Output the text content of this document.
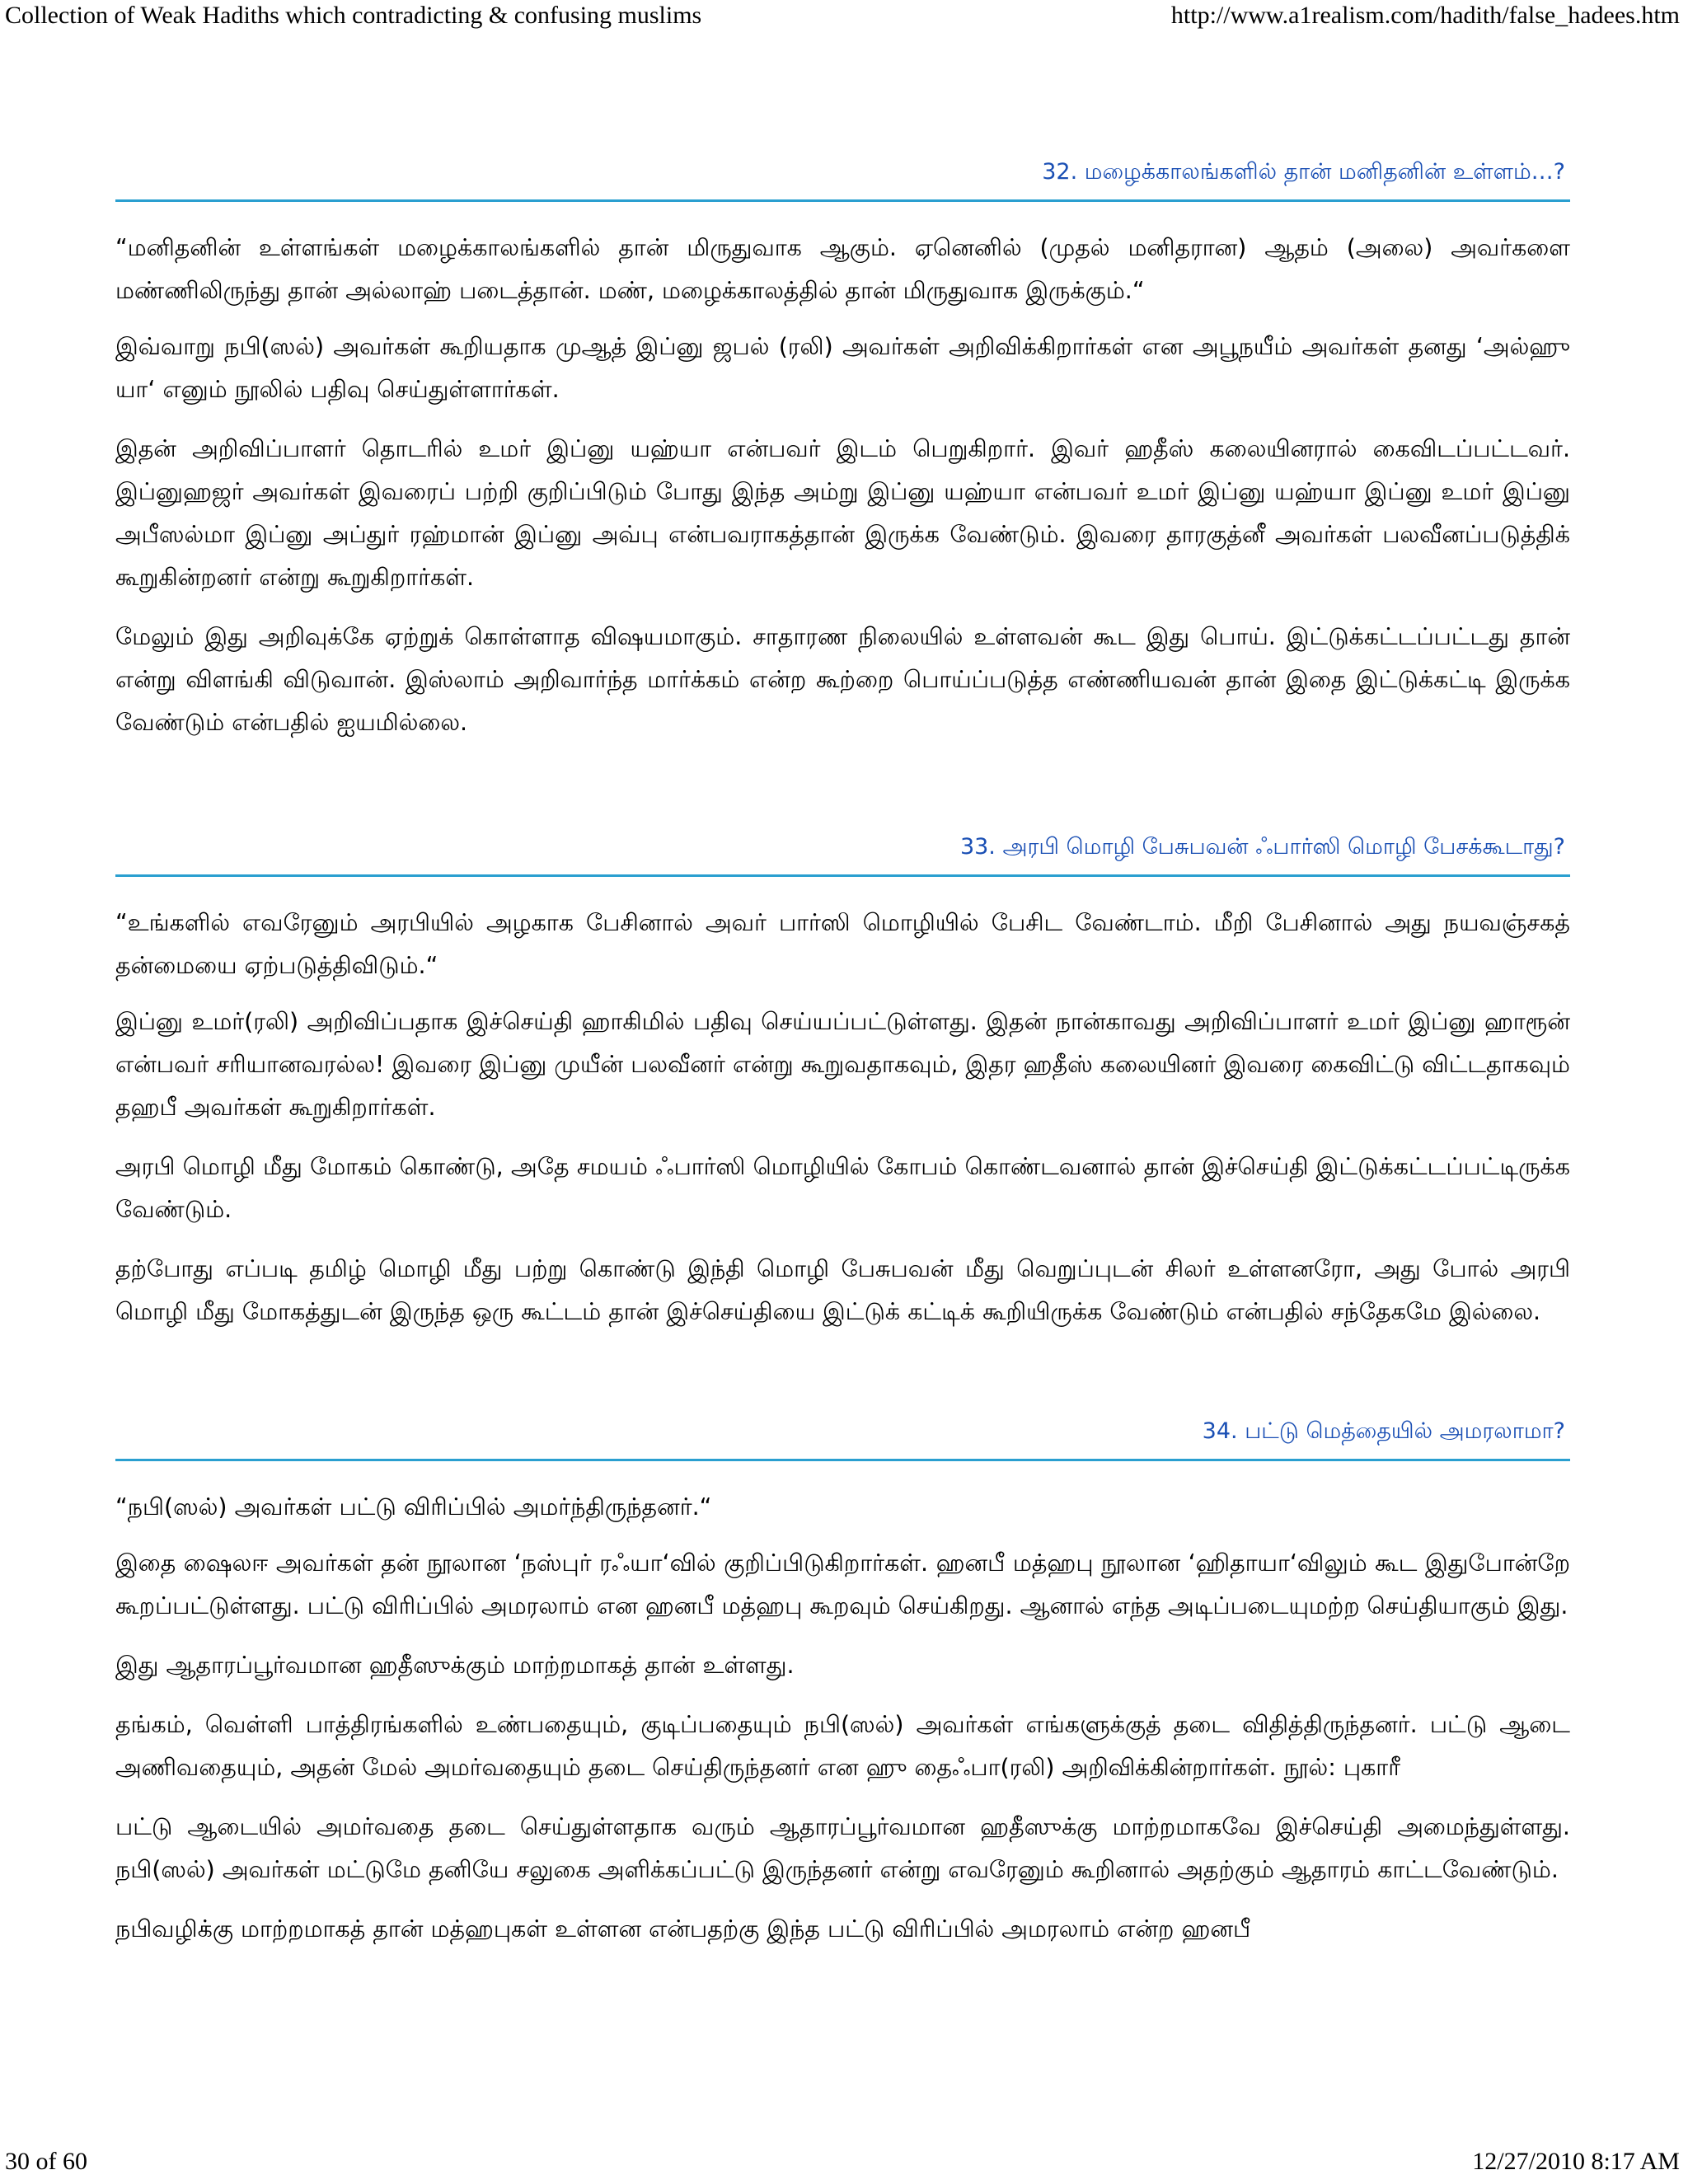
Collection of Weak Hadiths which contradicting & confusing muslims	http://www.a1realism.com/hadith/false_hadees.htm
32. மழைக்காலங்களில் தான் மனிதனின் உள்ளம்…?

“மனிதனின் உள்ளங்கள் மழைக்காலங்களில் தான் மிருதுவாக ஆகும். ஏனெனில் (முதல் மனிதரான) ஆதம் (அலை) அவர்களை மண்ணிலிருந்து தான் அல்லாஹ் படைத்தான். மண், மழைக்காலத்தில் தான் மிருதுவாக இருக்கும்.“

இவ்வாறு நபி(ஸல்) அவர்கள் கூறியதாக முஆத் இப்னு ஜபல் (ரலி) அவர்கள் அறிவிக்கிறார்கள் என அபூநயீம் அவர்கள் தனது ‘அல்ஹு யா‘ எனும் நூலில் பதிவு செய்துள்ளார்கள்.

இதன் அறிவிப்பாளர் தொடரில் உமர் இப்னு யஹ்யா என்பவர் இடம் பெறுகிறார். இவர் ஹதீஸ் கலையினரால் கைவிடப்பட்டவர். இப்னுஹஜர் அவர்கள் இவரைப் பற்றி குறிப்பிடும் போது இந்த அம்று இப்னு யஹ்யா என்பவர் உமர் இப்னு யஹ்யா இப்னு உமர் இப்னு அபீஸல்மா இப்னு அப்துர் ரஹ்மான் இப்னு அவ்பு என்பவராகத்தான் இருக்க வேண்டும். இவரை தாரகுத்னீ அவர்கள் பலவீனப்படுத்திக் கூறுகின்றனர் என்று கூறுகிறார்கள்.

மேலும் இது அறிவுக்கே ஏற்றுக் கொள்ளாத விஷயமாகும். சாதாரண நிலையில் உள்ளவன் கூட இது பொய். இட்டுக்கட்டப்பட்டது தான் என்று விளங்கி விடுவான். இஸ்லாம் அறிவார்ந்த மார்க்கம் என்ற கூற்றை பொய்ப்படுத்த எண்ணியவன் தான் இதை இட்டுக்கட்டி இருக்க வேண்டும் என்பதில் ஐயமில்லை.

33. அரபி மொழி பேசுபவன் ஃபார்ஸி மொழி பேசக்கூடாது?

“உங்களில் எவரேனும் அரபியில் அழகாக பேசினால் அவர் பார்ஸி மொழியில் பேசிட வேண்டாம். மீறி பேசினால் அது நயவஞ்சகத் தன்மையை ஏற்படுத்திவிடும்.“

இப்னு உமர்(ரலி) அறிவிப்பதாக இச்செய்தி ஹாகிமில் பதிவு செய்யப்பட்டுள்ளது. இதன் நான்காவது அறிவிப்பாளர் உமர் இப்னு ஹாரூன் என்பவர் சரியானவரல்ல! இவரை இப்னு முயீன் பலவீனர் என்று கூறுவதாகவும், இதர ஹதீஸ் கலையினர் இவரை கைவிட்டு விட்டதாகவும் தஹபீ அவர்கள் கூறுகிறார்கள்.

அரபி மொழி மீது மோகம் கொண்டு, அதே சமயம் ஃபார்ஸி மொழியில் கோபம் கொண்டவனால் தான் இச்செய்தி இட்டுக்கட்டப்பட்டிருக்க வேண்டும்.

தற்போது எப்படி தமிழ் மொழி மீது பற்று கொண்டு இந்தி மொழி பேசுபவன் மீது வெறுப்புடன் சிலர் உள்ளனரோ, அது போல் அரபி மொழி மீது மோகத்துடன் இருந்த ஒரு கூட்டம் தான் இச்செய்தியை இட்டுக் கட்டிக் கூறியிருக்க வேண்டும் என்பதில் சந்தேகமே இல்லை.

34. பட்டு மெத்தையில் அமரலாமா?

“நபி(ஸல்) அவர்கள் பட்டு விரிப்பில் அமர்ந்திருந்தனர்.“

இதை ஷைலஈ அவர்கள் தன் நூலான ‘நஸ்புர் ரஃயா‘வில் குறிப்பிடுகிறார்கள். ஹனபீ மத்ஹபு நூலான ‘ஹிதாயா‘விலும் கூட இதுபோன்றே கூறப்பட்டுள்ளது. பட்டு விரிப்பில் அமரலாம் என ஹனபீ மத்ஹபு கூறவும் செய்கிறது. ஆனால் எந்த அடிப்படையுமற்ற செய்தியாகும் இது.

இது ஆதாரப்பூர்வமான ஹதீஸுக்கும் மாற்றமாகத் தான் உள்ளது.

தங்கம், வெள்ளி பாத்திரங்களில் உண்பதையும், குடிப்பதையும் நபி(ஸல்) அவர்கள் எங்களுக்குத் தடை விதித்திருந்தனர். பட்டு ஆடை அணிவதையும், அதன் மேல் அமர்வதையும் தடை செய்திருந்தனர் என ஹு தைஃபா(ரலி) அறிவிக்கின்றார்கள். நூல்: புகாரீ

பட்டு ஆடையில் அமர்வதை தடை செய்துள்ளதாக வரும் ஆதாரப்பூர்வமான ஹதீஸுக்கு மாற்றமாகவே இச்செய்தி அமைந்துள்ளது. நபி(ஸல்) அவர்கள் மட்டுமே தனியே சலுகை அளிக்கப்பட்டு இருந்தனர் என்று எவரேனும் கூறினால் அதற்கும் ஆதாரம் காட்டவேண்டும்.

நபிவழிக்கு மாற்றமாகத் தான் மத்ஹபுகள் உள்ளன என்பதற்கு இந்த பட்டு விரிப்பில் அமரலாம் என்ற ஹனபீ

30 of 60	12/27/2010 8:17 AM
